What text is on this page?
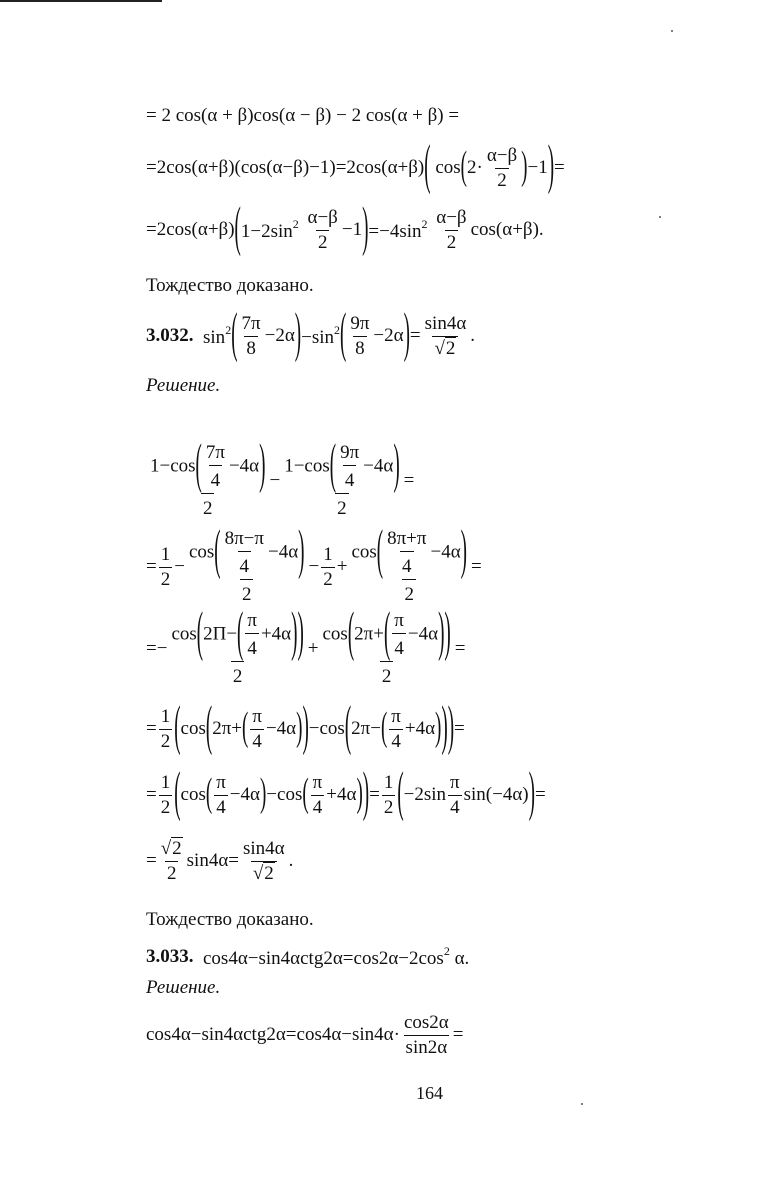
= 2 cos(α + β)cos(α − β) − 2 cos(α + β) =
=2cos(α+β)(cos(α−β)−1)=2cos(α+β) ( cos ( $2\cdot \frac{\alpha-\beta}{2}$ ) −1 ) =
=2cos(α+β) ( $1-2\sin^2 \frac{\alpha-\beta}{2} -1$ ) $=-4\sin^2 \frac{\alpha-\beta}{2} \cos(\alpha+\beta)$.
Тождество доказано.
3.032. $\sin^2$ ( $\frac{7\pi}{8} -2\alpha$ ) $-\sin^2$ ( $\frac{9\pi}{8} -2\alpha$ ) = $\frac{\sin 4\alpha}{√2}$ .
Решение.
$\frac{1-\cos( \frac{7\pi}{4} -4\alpha)}{2} - \frac{1-\cos( \frac{9\pi}{4} -4\alpha)}{2}$ =
= $\frac{1}{2} - \frac{\cos( \frac{8\pi-\pi}{4} -4\alpha)}{2} - \frac{1}{2} + \frac{\cos( \frac{8\pi+\pi}{4} -4\alpha)}{2}$ =
=− $\frac{\cos(2П-( \frac{\pi}{4} +4\alpha))}{2} + \frac{\cos(2\pi+( \frac{\pi}{4} -4\alpha))}{2}$ =
= $\frac{1}{2}$ ( cos ( 2π+ ( $\frac{\pi}{4} -4\alpha$ ) ) −cos ( 2π− ( $\frac{\pi}{4} +4\alpha$ ) ) ) =
= $\frac{1}{2}$ ( cos ( $\frac{\pi}{4} -4\alpha$ ) −cos ( $\frac{\pi}{4} +4\alpha$ ) ) = $\frac{1}{2}$ ( $-2\sin \frac{\pi}{4} \sin(-4\alpha)$ ) =
= $\frac{√2}{2} \sin 4\alpha= \frac{\sin 4\alpha}{√2}$ .
Тождество доказано.
3.033. $\cos 4\alpha-\sin 4\alpha ctg2\alpha=\cos 2\alpha-2\cos^2$ α.
Решение.
$\cos 4\alpha-\sin 4\alpha ctg2\alpha=\cos 4\alpha-\sin 4\alpha\cdot \frac{\cos 2\alpha}{\sin 2\alpha}$ =
164
